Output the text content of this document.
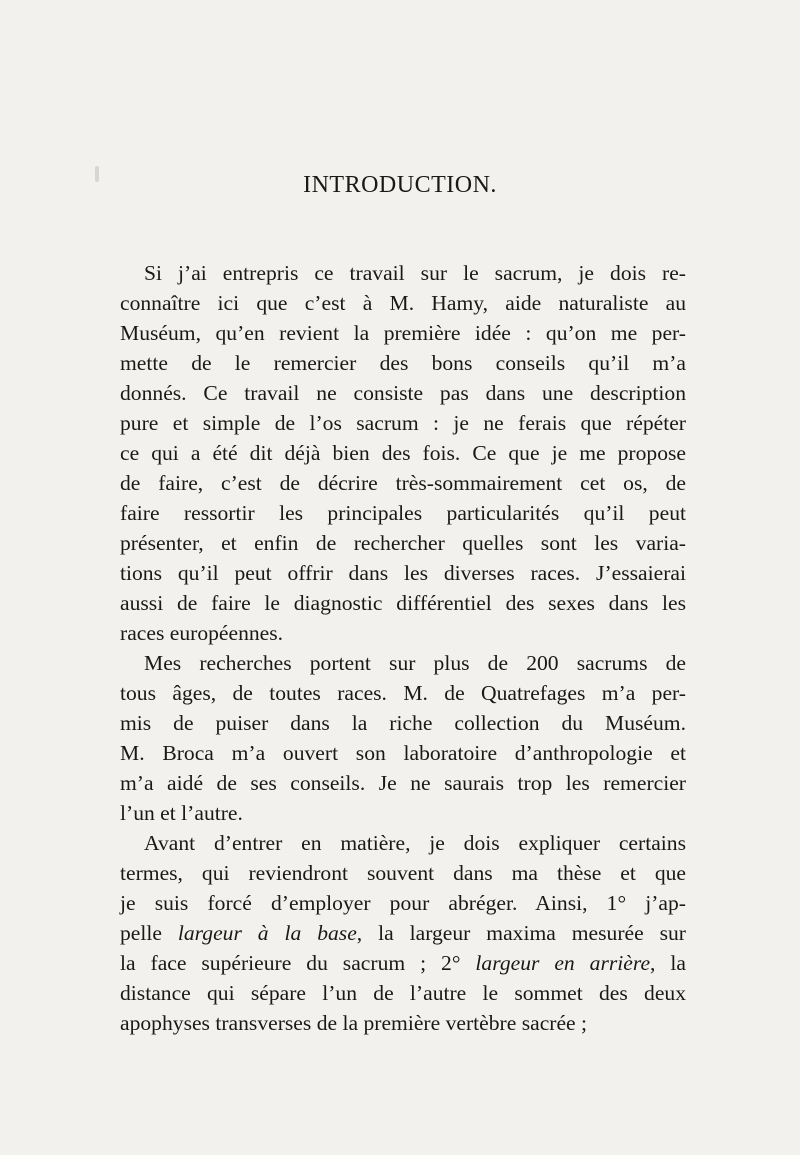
INTRODUCTION.

Si j’ai entrepris ce travail sur le sacrum, je dois re-
connaître ici que c’est à M. Hamy, aide naturaliste au
Muséum, qu’en revient la première idée : qu’on me per-
mette de le remercier des bons conseils qu’il m’a
donnés. Ce travail ne consiste pas dans une description
pure et simple de l’os sacrum : je ne ferais que répéter
ce qui a été dit déjà bien des fois. Ce que je me propose
de faire, c’est de décrire très-sommairement cet os, de
faire ressortir les principales particularités qu’il peut
présenter, et enfin de rechercher quelles sont les varia-
tions qu’il peut offrir dans les diverses races. J’essaierai
aussi de faire le diagnostic différentiel des sexes dans les
races européennes.

Mes recherches portent sur plus de 200 sacrums de
tous âges, de toutes races. M. de Quatrefages m’a per-
mis de puiser dans la riche collection du Muséum.
M. Broca m’a ouvert son laboratoire d’anthropologie et
m’a aidé de ses conseils. Je ne saurais trop les remercier
l’un et l’autre.

Avant d’entrer en matière, je dois expliquer certains
termes, qui reviendront souvent dans ma thèse et que
je suis forcé d’employer pour abréger. Ainsi, 1° j’ap-
pelle largeur à la base, la largeur maxima mesurée sur
la face supérieure du sacrum ; 2° largeur en arrière, la
distance qui sépare l’un de l’autre le sommet des deux
apophyses transverses de la première vertèbre sacrée ;
